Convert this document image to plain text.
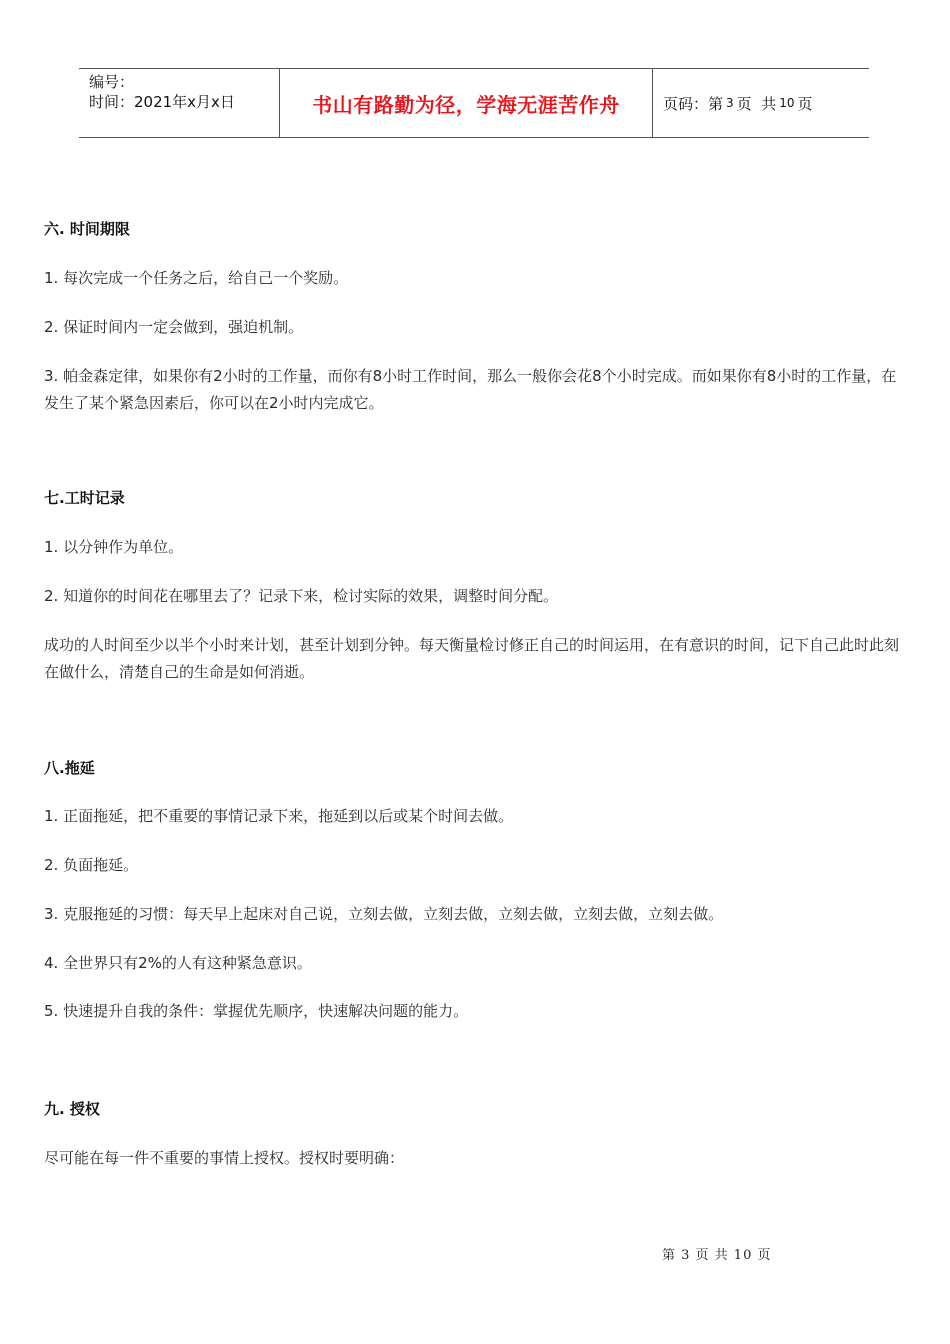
编号：
时间：2021年x月x日	书山有路勤为径，学海无涯苦作舟	页码：第 3 页  共 10 页
六. 时间期限
1. 每次完成一个任务之后，给自己一个奖励。
2. 保证时间内一定会做到，强迫机制。
3. 帕金森定律，如果你有2小时的工作量，而你有8小时工作时间，那么一般你会花8个小时完成。而如果你有8小时的工作量，在发生了某个紧急因素后，你可以在2小时内完成它。
七.工时记录
1. 以分钟作为单位。
2. 知道你的时间花在哪里去了？记录下来，检讨实际的效果，调整时间分配。
成功的人时间至少以半个小时来计划，甚至计划到分钟。每天衡量检讨修正自己的时间运用，在有意识的时间，记下自己此时此刻在做什么，清楚自己的生命是如何消逝。
八.拖延
1. 正面拖延，把不重要的事情记录下来，拖延到以后或某个时间去做。
2. 负面拖延。
3. 克服拖延的习惯：每天早上起床对自己说，立刻去做，立刻去做，立刻去做，立刻去做，立刻去做。
4. 全世界只有2%的人有这种紧急意识。
5. 快速提升自我的条件：掌握优先顺序，快速解决问题的能力。
九. 授权
尽可能在每一件不重要的事情上授权。授权时要明确：
第 3 页 共 10 页
